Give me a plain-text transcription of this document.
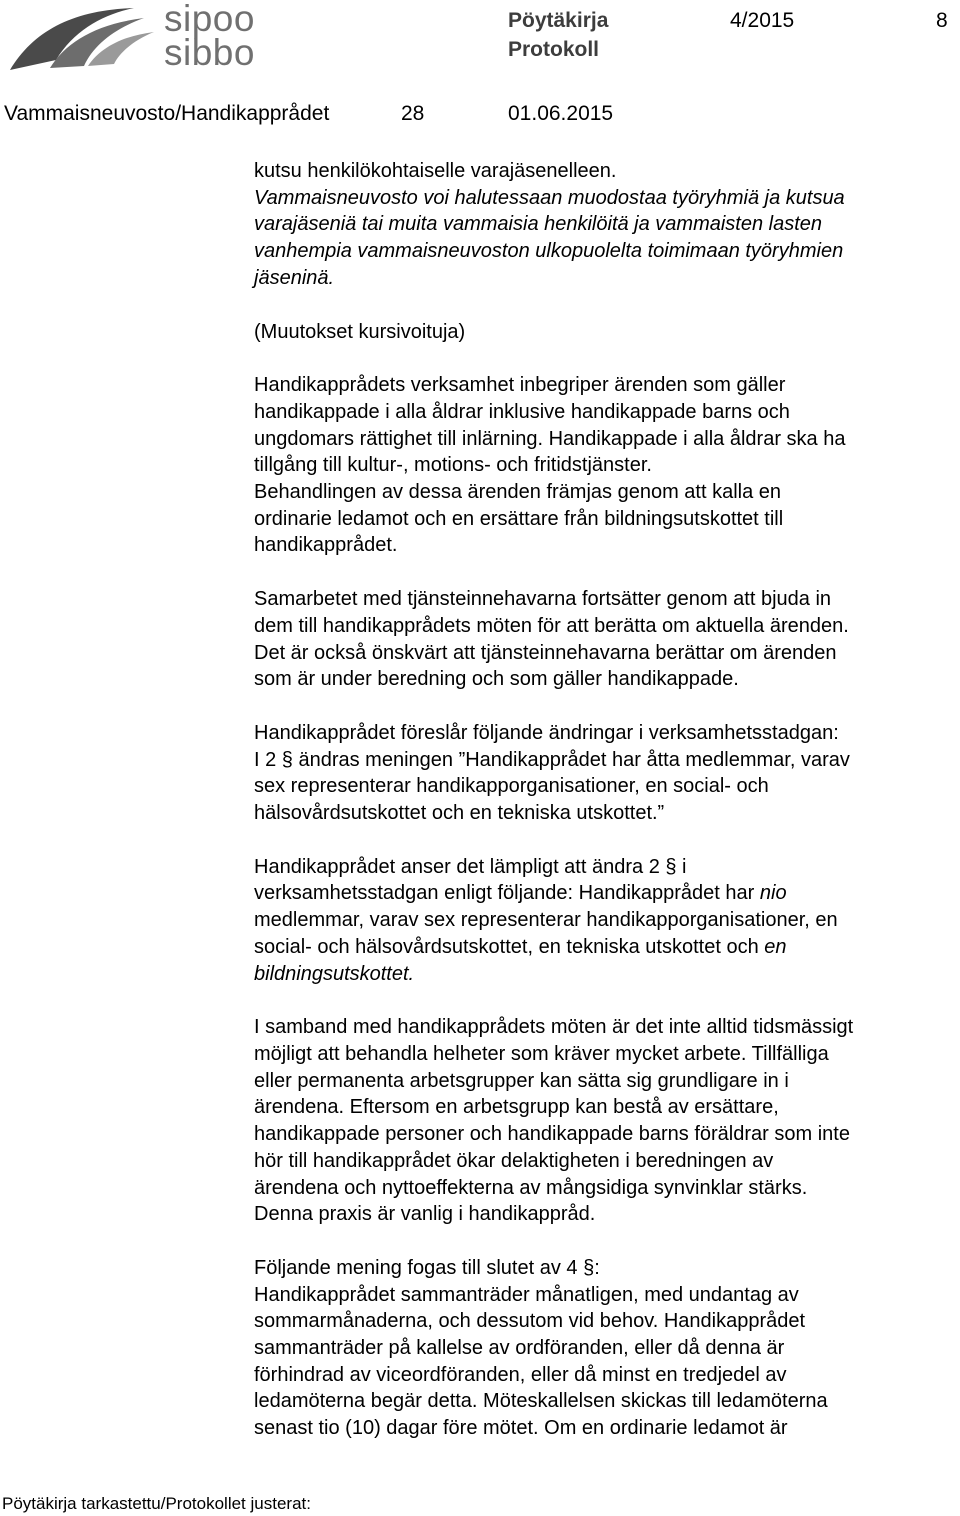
sipoo
sibbo
Pöytäkirja
Protokoll
4/2015	8
Vammaisneuvosto/Handikapprådet	28	01.06.2015

kutsu henkilökohtaiselle varajäsenelleen.
Vammaisneuvosto voi halutessaan muodostaa työryhmiä ja kutsua
varajäseniä tai muita vammaisia henkilöitä ja vammaisten lasten
vanhempia vammaisneuvoston ulkopuolelta toimimaan työryhmien
jäseninä.

(Muutokset kursivoituja)

Handikapprådets verksamhet inbegriper ärenden som gäller
handikappade i alla åldrar inklusive handikappade barns och
ungdomars rättighet till inlärning. Handikappade i alla åldrar ska ha
tillgång till kultur-, motions- och fritidstjänster.

Behandlingen av dessa ärenden främjas genom att kalla en
ordinarie ledamot och en ersättare från bildningsutskottet till
handikapprådet.

Samarbetet med tjänsteinnehavarna fortsätter genom att bjuda in
dem till handikapprådets möten för att berätta om aktuella ärenden.
Det är också önskvärt att tjänsteinnehavarna berättar om ärenden
som är under beredning och som gäller handikappade.

Handikapprådet föreslår följande ändringar i verksamhetsstadgan:
I 2 § ändras meningen ”Handikapprådet har åtta medlemmar, varav
sex representerar handikapporganisationer, en social- och
hälsovårdsutskottet och en tekniska utskottet.”

Handikapprådet anser det lämpligt att ändra 2 § i
verksamhetsstadgan enligt följande: Handikapprådet har nio
medlemmar, varav sex representerar handikapporganisationer, en
social- och hälsovårdsutskottet, en tekniska utskottet och en
bildningsutskottet.

I samband med handikapprådets möten är det inte alltid tidsmässigt
möjligt att behandla helheter som kräver mycket arbete. Tillfälliga
eller permanenta arbetsgrupper kan sätta sig grundligare in i
ärendena. Eftersom en arbetsgrupp kan bestå av ersättare,
handikappade personer och handikappade barns föräldrar som inte
hör till handikapprådet ökar delaktigheten i beredningen av
ärendena och nyttoeffekterna av mångsidiga synvinklar stärks.
Denna praxis är vanlig i handikappråd.

Följande mening fogas till slutet av 4 §:
Handikapprådet sammanträder månatligen, med undantag av
sommarmånaderna, och dessutom vid behov. Handikapprådet
sammanträder på kallelse av ordföranden, eller då denna är
förhindrad av viceordföranden, eller då minst en tredjedel av
ledamöterna begär detta. Möteskallelsen skickas till ledamöterna
senast tio (10) dagar före mötet. Om en ordinarie ledamot är

Pöytäkirja tarkastettu/Protokollet justerat:
